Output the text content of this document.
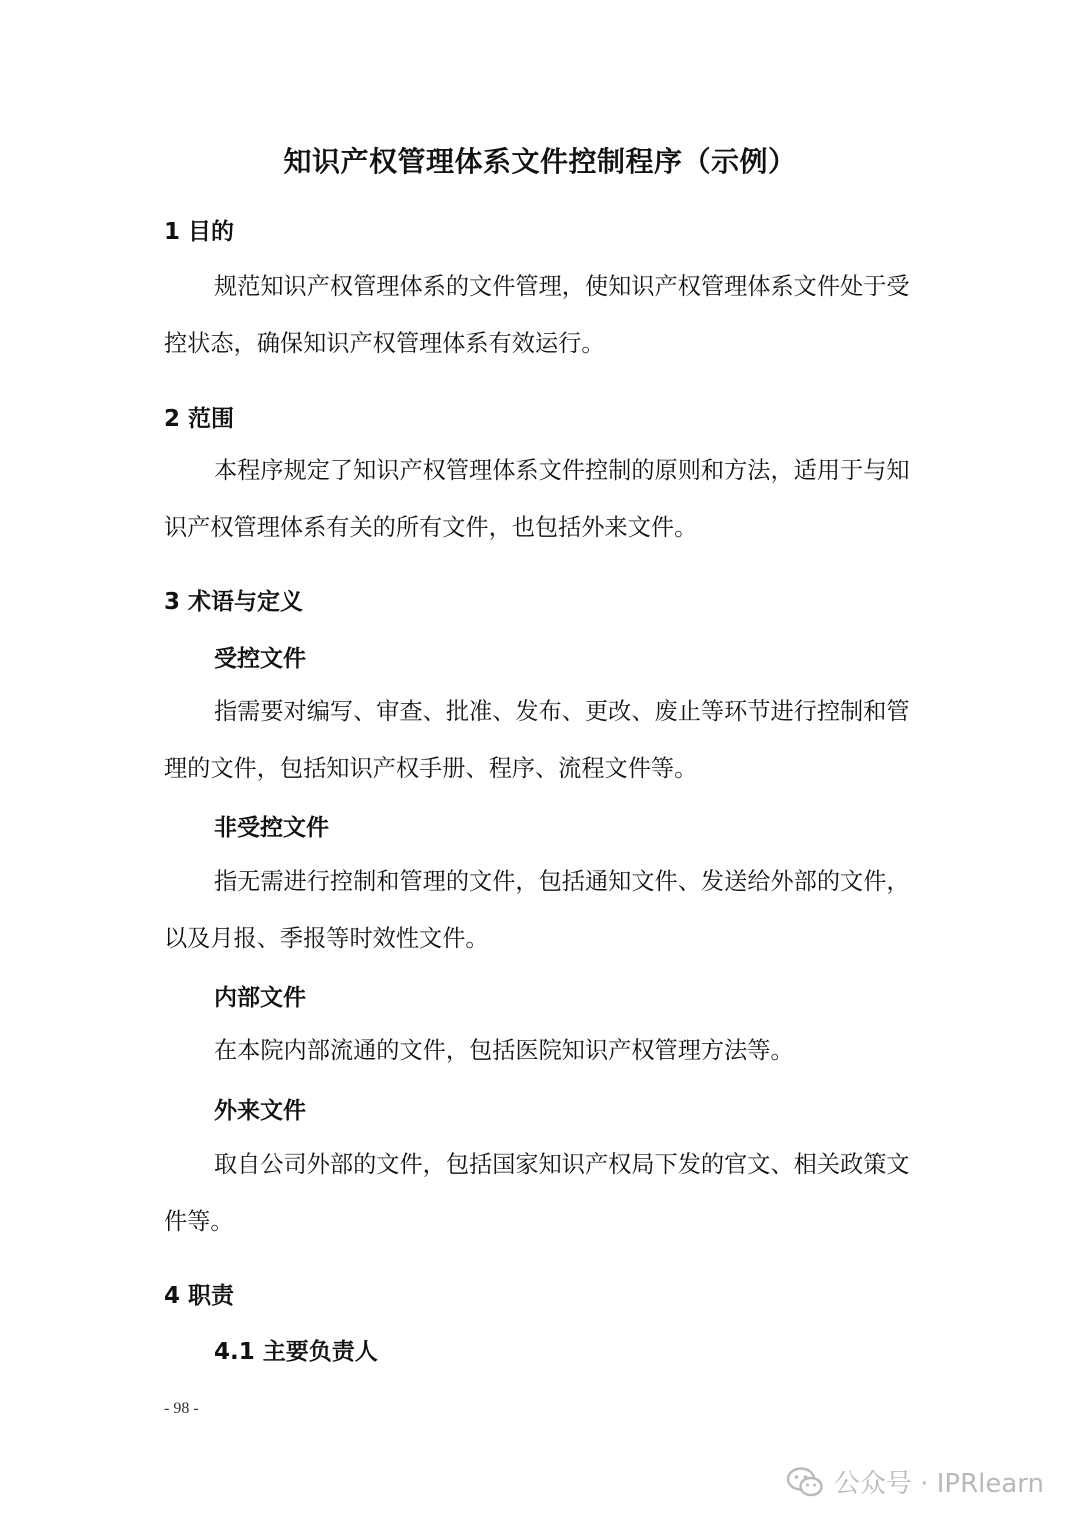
知识产权管理体系文件控制程序（示例）
1 目的
规范知识产权管理体系的文件管理，使知识产权管理体系文件处于受控状态，确保知识产权管理体系有效运行。
2 范围
本程序规定了知识产权管理体系文件控制的原则和方法，适用于与知识产权管理体系有关的所有文件，也包括外来文件。
3 术语与定义
受控文件
指需要对编写、审查、批准、发布、更改、废止等环节进行控制和管理的文件，包括知识产权手册、程序、流程文件等。
非受控文件
指无需进行控制和管理的文件，包括通知文件、发送给外部的文件，以及月报、季报等时效性文件。
内部文件
在本院内部流通的文件，包括医院知识产权管理方法等。
外来文件
取自公司外部的文件，包括国家知识产权局下发的官文、相关政策文件等。
4 职责
4.1 主要负责人
- 98 -
公众号 · IPRlearn
